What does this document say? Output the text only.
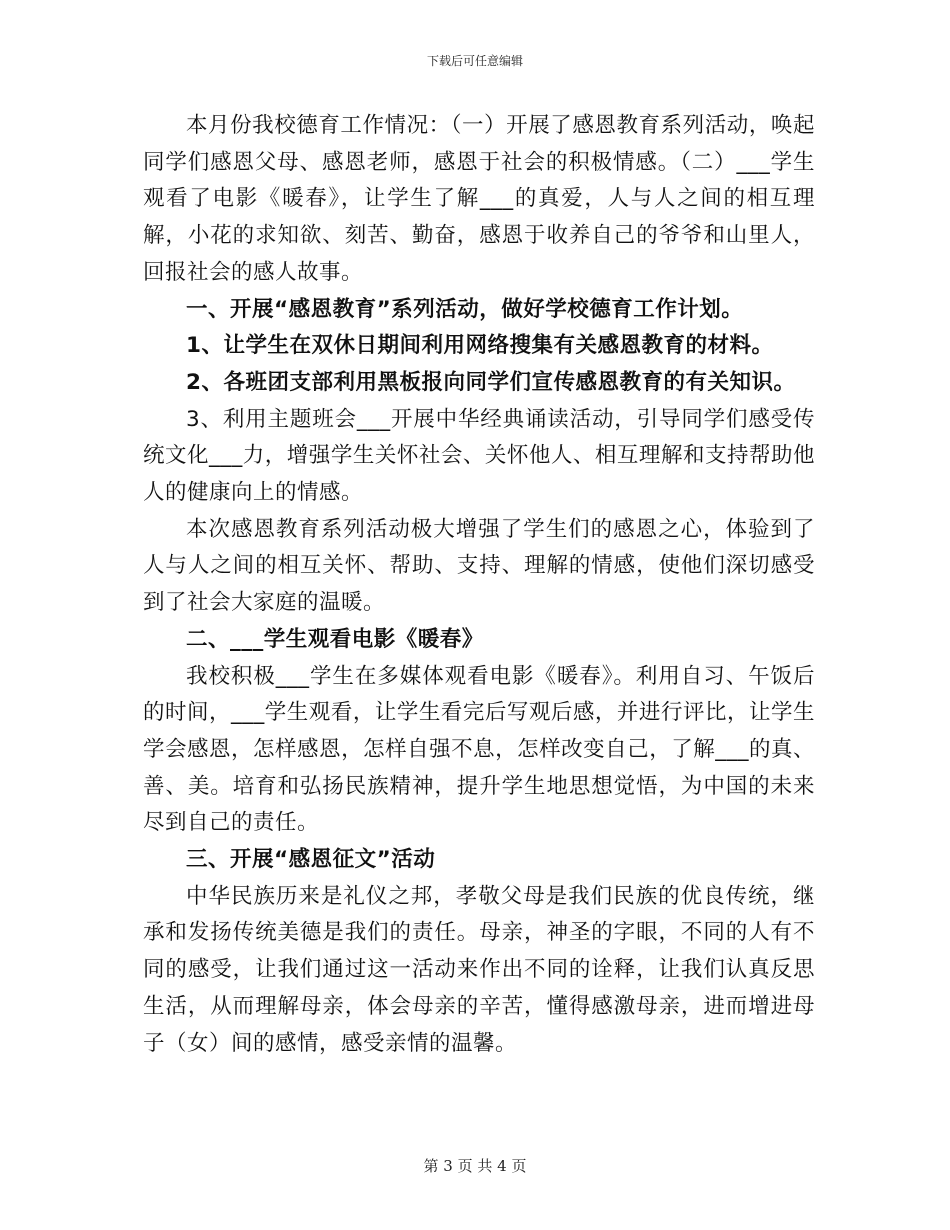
下载后可任意编辑

本月份我校德育工作情况：（一）开展了感恩教育系列活动，唤起同学们感恩父母、感恩老师，感恩于社会的积极情感。（二）___学生观看了电影《暖春》，让学生了解___的真爱，人与人之间的相互理解，小花的求知欲、刻苦、勤奋，感恩于收养自己的爷爷和山里人，回报社会的感人故事。

一、开展“感恩教育”系列活动，做好学校德育工作计划。

1、让学生在双休日期间利用网络搜集有关感恩教育的材料。

2、各班团支部利用黑板报向同学们宣传感恩教育的有关知识。

3、利用主题班会___开展中华经典诵读活动，引导同学们感受传统文化___力，增强学生关怀社会、关怀他人、相互理解和支持帮助他人的健康向上的情感。

本次感恩教育系列活动极大增强了学生们的感恩之心，体验到了人与人之间的相互关怀、帮助、支持、理解的情感，使他们深切感受到了社会大家庭的温暖。

二、___学生观看电影《暖春》

我校积极___学生在多媒体观看电影《暖春》。利用自习、午饭后的时间，___学生观看，让学生看完后写观后感，并进行评比，让学生学会感恩，怎样感恩，怎样自强不息，怎样改变自己，了解___的真、善、美。培育和弘扬民族精神，提升学生地思想觉悟，为中国的未来尽到自己的责任。

三、开展“感恩征文”活动

中华民族历来是礼仪之邦，孝敬父母是我们民族的优良传统，继承和发扬传统美德是我们的责任。母亲，神圣的字眼，不同的人有不同的感受，让我们通过这一活动来作出不同的诠释，让我们认真反思生活，从而理解母亲，体会母亲的辛苦，懂得感激母亲，进而增进母子（女）间的感情，感受亲情的温馨。

第 3 页 共 4 页
